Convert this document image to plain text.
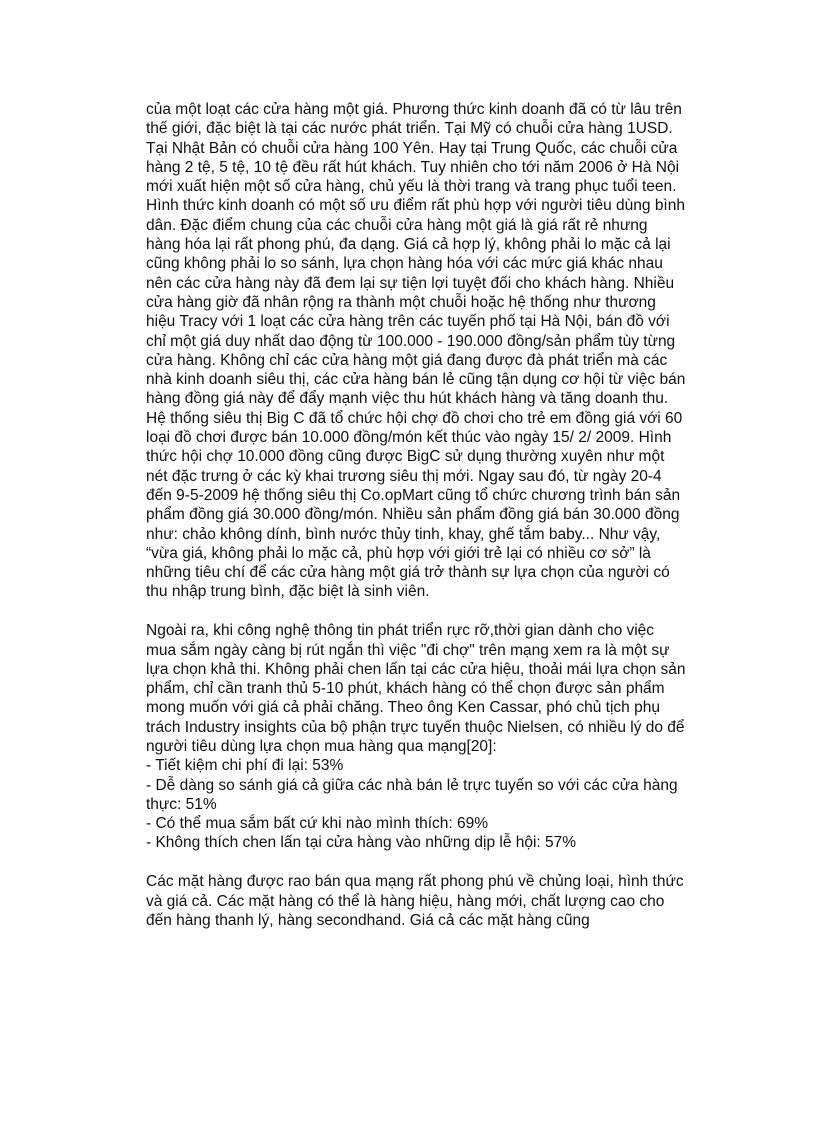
của một loạt các cửa hàng một giá. Phương thức kinh doanh đã có từ lâu trên thế giới, đặc biệt là tại các nước phát triển. Tại Mỹ có chuỗi cửa hàng 1USD. Tại Nhật Bản có chuỗi cửa hàng 100 Yên. Hay tại Trung Quốc, các chuỗi cửa hàng 2 tệ, 5 tệ, 10 tệ đều rất hút khách. Tuy nhiên cho tới năm 2006 ở Hà Nội mới xuất hiện một số cửa hàng, chủ yếu là thời trang và trang phục tuổi teen. Hình thức kinh doanh có một số ưu điểm rất phù hợp với người tiêu dùng bình dân. Đặc điểm chung của các chuỗi cửa hàng một giá là giá rất rẻ nhưng hàng hóa lại rất phong phú, đa dạng. Giá cả hợp lý, không phải lo mặc cả lại cũng không phải lo so sánh, lựa chọn hàng hóa với các mức giá khác nhau nên các cửa hàng này đã đem lại sự tiện lợi tuyệt đối cho khách hàng. Nhiều cửa hàng giờ đã nhân rộng ra thành một chuỗi hoặc hệ thống như thương hiệu Tracy với 1 loạt các cửa hàng trên các tuyến phố tại Hà Nội, bán đồ với chỉ một giá duy nhất dao động từ 100.000 - 190.000 đồng/sản phẩm tùy từng cửa hàng. Không chỉ các cửa hàng một giá đang được đà phát triển mà các nhà kinh doanh siêu thị, các cửa hàng bán lẻ cũng tận dụng cơ hội từ việc bán hàng đồng giá này để đẩy mạnh việc thu hút khách hàng và tăng doanh thu. Hệ thống siêu thị Big C đã tổ chức hội chợ đồ chơi cho trẻ em đồng giá với 60 loại đồ chơi được bán 10.000 đồng/món kết thúc vào ngày 15/ 2/ 2009. Hình thức hội chợ 10.000 đồng cũng được BigC sử dụng thường xuyên như một nét đặc trưng ở các kỳ khai trương siêu thị mới. Ngay sau đó, từ ngày 20-4 đến 9-5-2009 hệ thống siêu thị Co.opMart cũng tổ chức chương trình bán sản phẩm đồng giá 30.000 đồng/món. Nhiều sản phẩm đồng giá bán 30.000 đồng như: chảo không dính, bình nước thủy tinh, khay, ghế tắm baby... Như vậy, “vừa giá, không phải lo mặc cả, phù hợp với giới trẻ lại có nhiều cơ sở” là những tiêu chí để các cửa hàng một giá trở thành sự lựa chọn của người có thu nhập trung bình, đặc biệt là sinh viên.

Ngoài ra, khi công nghệ thông tin phát triển rực rỡ,thời gian dành cho việc mua sắm ngày càng bị rút ngắn thì việc "đi chợ" trên mạng xem ra là một sự lựa chọn khả thi. Không phải chen lấn tại các cửa hiệu, thoải mái lựa chọn sản phẩm, chỉ cần tranh thủ 5-10 phút, khách hàng có thể chọn được sản phẩm mong muốn với giá cả phải chăng. Theo ông Ken Cassar, phó chủ tịch phụ trách Industry insights của bộ phận trực tuyến thuộc Nielsen, có nhiều lý do để người tiêu dùng lựa chọn mua hàng qua mạng[20]:

- Tiết kiệm chi phí đi lại: 53%

- Dễ dàng so sánh giá cả giữa các nhà bán lẻ trực tuyến so với các cửa hàng thực: 51%

- Có thể mua sắm bất cứ khi nào mình thích: 69%

- Không thích chen lấn tại cửa hàng vào những dịp lễ hội: 57%

Các mặt hàng được rao bán qua mạng rất phong phú về chủng loại, hình thức và giá cả. Các mặt hàng có thể là hàng hiệu, hàng mới, chất lượng cao cho đến hàng thanh lý, hàng secondhand. Giá cả các mặt hàng cũng
